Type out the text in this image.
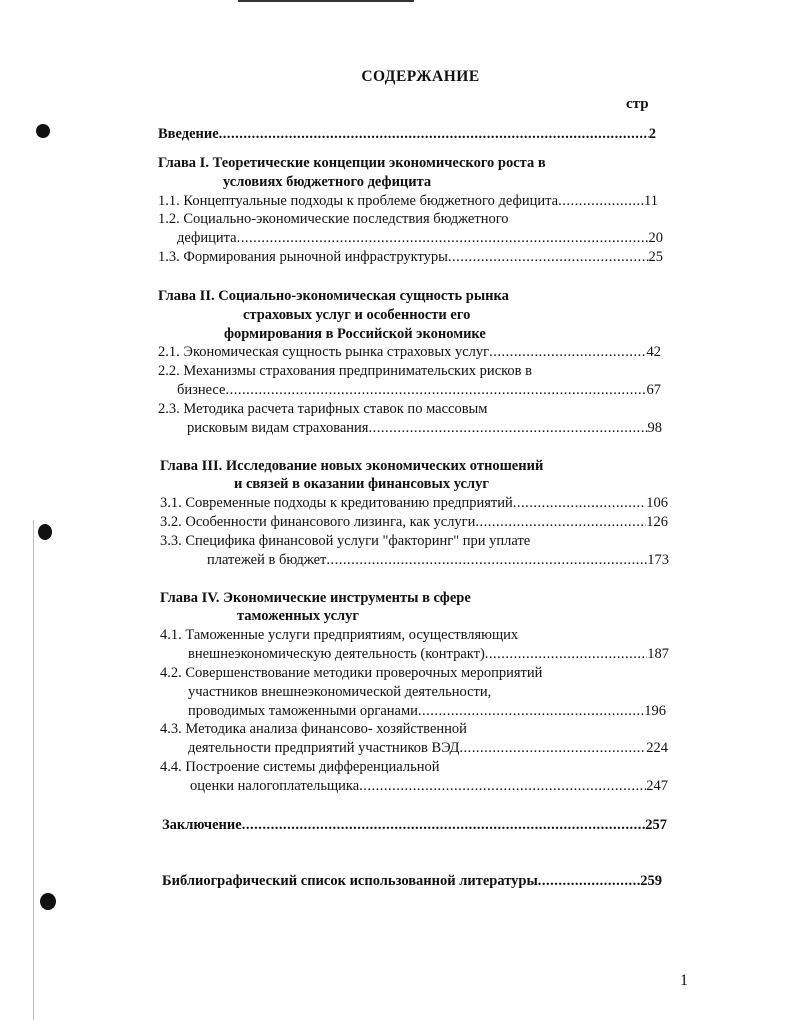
СОДЕРЖАНИЕ
стр
Введение .....	2
Глава I. Теоретические концепции экономического роста в
условиях бюджетного дефицита
1.1. Концептуальные подходы к проблеме бюджетного дефицита .....	11
1.2. Социально-экономические последствия бюджетного
дефицита .....	20
1.3. Формирования рыночной инфраструктуры .....	25
Глава II. Социально-экономическая сущность рынка
страховых услуг и особенности его
формирования в Российской экономике
2.1. Экономическая сущность рынка страховых услуг .....	42
2.2. Механизмы страхования предпринимательских рисков в
бизнесе .....	67
2.3. Методика расчета тарифных ставок по массовым
рисковым видам страхования .....	98
Глава III. Исследование новых экономических отношений
и связей в оказании финансовых услуг
3.1. Современные подходы к кредитованию предприятий .....	106
3.2. Особенности финансового лизинга, как услуги .....	126
3.3. Специфика финансовой услуги "факторинг" при уплате
платежей в бюджет .....	173
Глава IV. Экономические инструменты в сфере
таможенных услуг
4.1. Таможенные услуги предприятиям, осуществляющих
внешнеэкономическую деятельность (контракт) .....	187
4.2. Совершенствование методики проверочных мероприятий
участников внешнеэкономической деятельности,
проводимых таможенными органами .....	196
4.3. Методика анализа финансово- хозяйственной
деятельности предприятий участников ВЭД .....	224
4.4. Построение системы дифференциальной
оценки налогоплательщика .....	247
Заключение .....	257
Библиографический список использованной литературы .....	259
1
